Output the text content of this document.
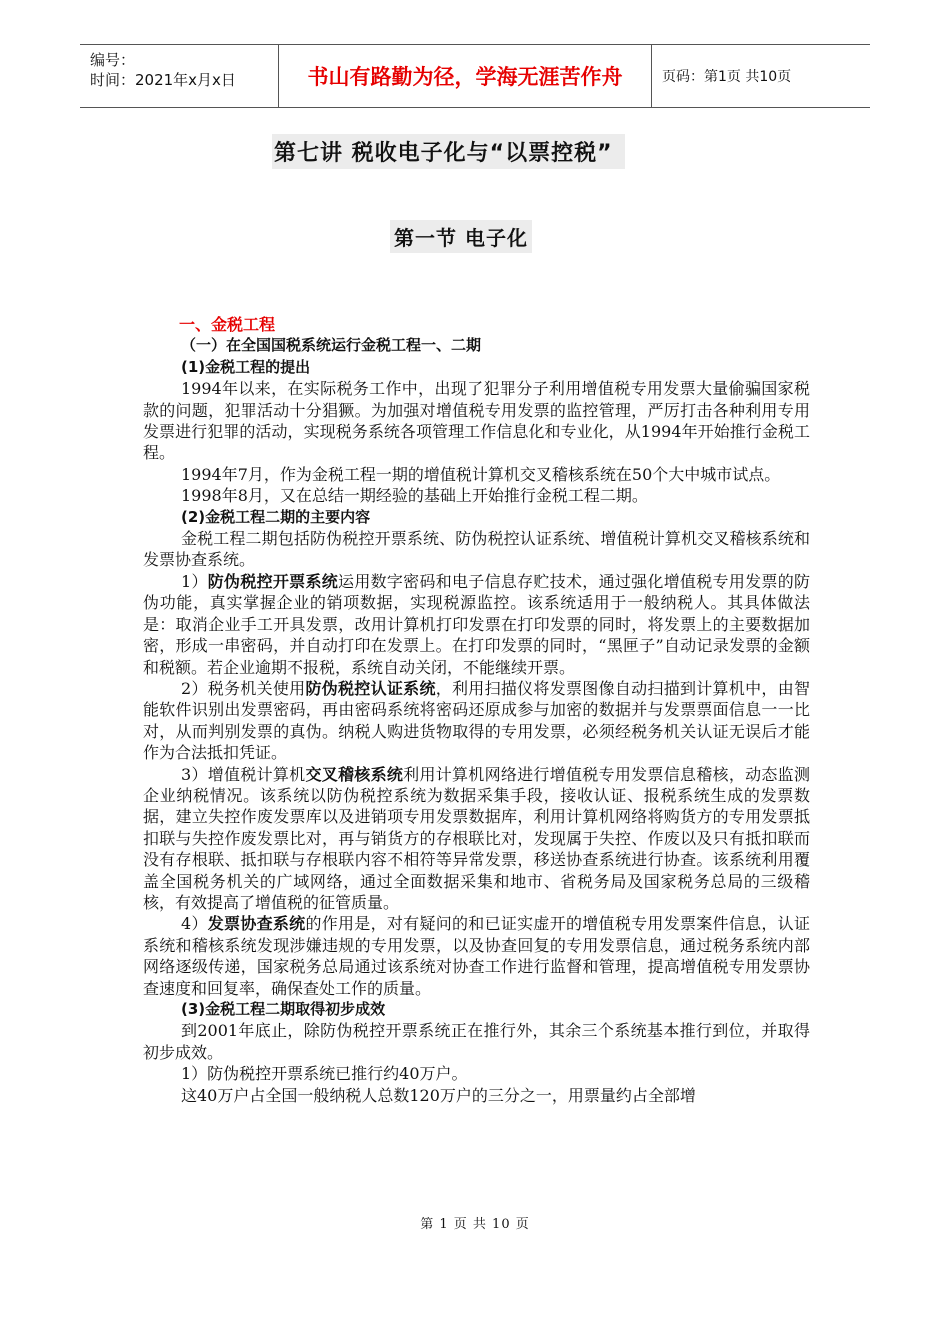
编号：
时间：2021年x月x日	书山有路勤为径，学海无涯苦作舟	页码：第1页 共10页
第七讲 税收电子化与“以票控税”
第一节 电子化

一、金税工程

（一）在全国国税系统运行金税工程一、二期

(1)金税工程的提出

1994年以来，在实际税务工作中，出现了犯罪分子利用增值税专用发票大量偷骗国家税款的问题，犯罪活动十分猖獗。为加强对增值税专用发票的监控管理，严厉打击各种利用专用发票进行犯罪的活动，实现税务系统各项管理工作信息化和专业化，从1994年开始推行金税工程。

1994年7月，作为金税工程一期的增值税计算机交叉稽核系统在50个大中城市试点。

1998年8月，又在总结一期经验的基础上开始推行金税工程二期。

(2)金税工程二期的主要内容

金税工程二期包括防伪税控开票系统、防伪税控认证系统、增值税计算机交叉稽核系统和发票协查系统。

1）防伪税控开票系统运用数字密码和电子信息存贮技术，通过强化增值税专用发票的防伪功能，真实掌握企业的销项数据，实现税源监控。该系统适用于一般纳税人。其具体做法是：取消企业手工开具发票，改用计算机打印发票在打印发票的同时，将发票上的主要数据加密，形成一串密码，并自动打印在发票上。在打印发票的同时，“黑匣子”自动记录发票的金额和税额。若企业逾期不报税，系统自动关闭，不能继续开票。

2）税务机关使用防伪税控认证系统，利用扫描仪将发票图像自动扫描到计算机中，由智能软件识别出发票密码，再由密码系统将密码还原成参与加密的数据并与发票票面信息一一比对，从而判别发票的真伪。纳税人购进货物取得的专用发票，必须经税务机关认证无误后才能作为合法抵扣凭证。

3）增值税计算机交叉稽核系统利用计算机网络进行增值税专用发票信息稽核，动态监测企业纳税情况。该系统以防伪税控系统为数据采集手段，接收认证、报税系统生成的发票数据，建立失控作废发票库以及进销项专用发票数据库，利用计算机网络将购货方的专用发票抵扣联与失控作废发票比对，再与销货方的存根联比对，发现属于失控、作废以及只有抵扣联而没有存根联、抵扣联与存根联内容不相符等异常发票，移送协查系统进行协查。该系统利用覆盖全国税务机关的广域网络，通过全面数据采集和地市、省税务局及国家税务总局的三级稽核，有效提高了增值税的征管质量。

4）发票协查系统的作用是，对有疑问的和已证实虚开的增值税专用发票案件信息，认证系统和稽核系统发现涉嫌违规的专用发票，以及协查回复的专用发票信息，通过税务系统内部网络逐级传递，国家税务总局通过该系统对协查工作进行监督和管理，提高增值税专用发票协查速度和回复率，确保查处工作的质量。

(3)金税工程二期取得初步成效

到2001年底止，除防伪税控开票系统正在推行外，其余三个系统基本推行到位，并取得初步成效。

1）防伪税控开票系统已推行约40万户。

这40万户占全国一般纳税人总数120万户的三分之一，用票量约占全部增

第 1 页 共 10 页
